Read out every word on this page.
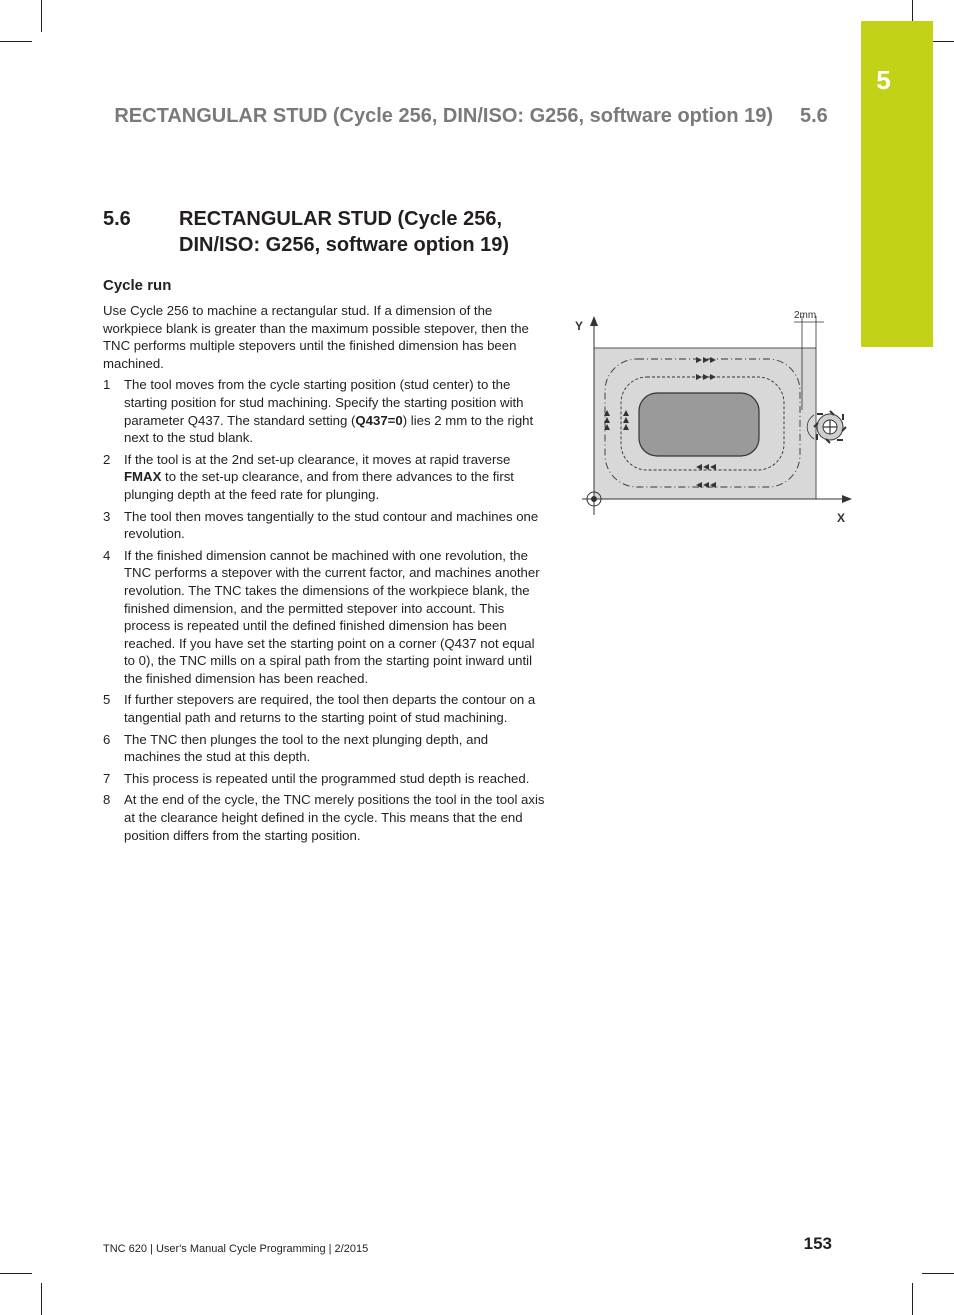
5
RECTANGULAR STUD (Cycle 256, DIN/ISO: G256, software option 19) 5.6
5.6 RECTANGULAR STUD (Cycle 256, DIN/ISO: G256, software option 19)
Cycle run

Use Cycle 256 to machine a rectangular stud. If a dimension of the workpiece blank is greater than the maximum possible stepover, then the TNC performs multiple stepovers until the finished dimension has been machined.

1 The tool moves from the cycle starting position (stud center) to the starting position for stud machining. Specify the starting position with parameter Q437. The standard setting (Q437=0) lies 2 mm to the right next to the stud blank.
2 If the tool is at the 2nd set-up clearance, it moves at rapid traverse FMAX to the set-up clearance, and from there advances to the first plunging depth at the feed rate for plunging.
3 The tool then moves tangentially to the stud contour and machines one revolution.
4 If the finished dimension cannot be machined with one revolution, the TNC performs a stepover with the current factor, and machines another revolution. The TNC takes the dimensions of the workpiece blank, the finished dimension, and the permitted stepover into account. This process is repeated until the defined finished dimension has been reached. If you have set the starting point on a corner (Q437 not equal to 0), the TNC mills on a spiral path from the starting point inward until the finished dimension has been reached.
5 If further stepovers are required, the tool then departs the contour on a tangential path and returns to the starting point of stud machining.
6 The TNC then plunges the tool to the next plunging depth, and machines the stud at this depth.
7 This process is repeated until the programmed stud depth is reached.
8 At the end of the cycle, the TNC merely positions the tool in the tool axis at the clearance height defined in the cycle. This means that the end position differs from the starting position.
Y
X
2mm
TNC 620 | User's Manual Cycle Programming | 2/2015	153
